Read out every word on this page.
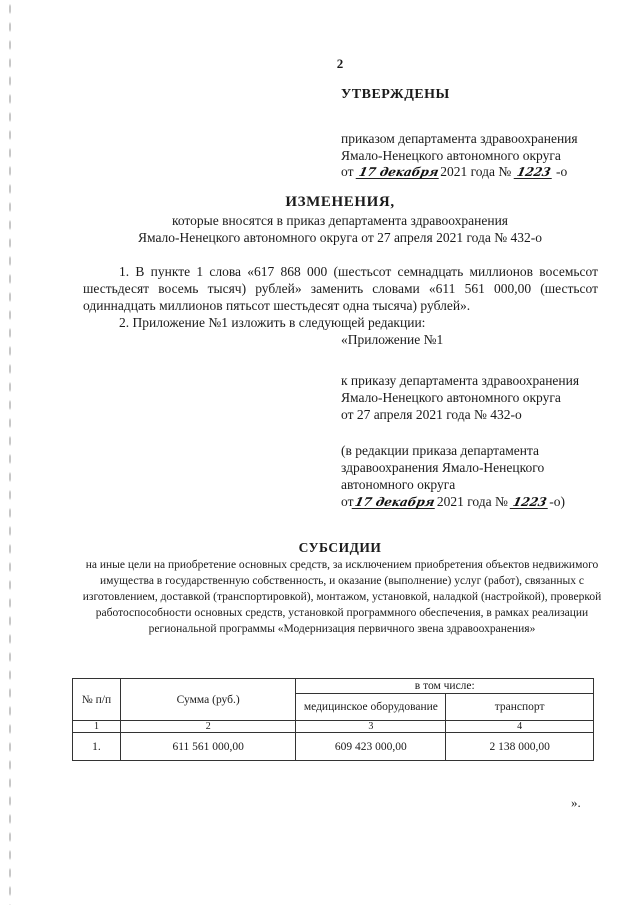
2
УТВЕРЖДЕНЫ
приказом департамента здравоохранения
Ямало-Ненецкого автономного округа
от 17 декабря2021 года № 1223 -о
ИЗМЕНЕНИЯ,
которые вносятся в приказ департамента здравоохранения
Ямало-Ненецкого автономного округа от 27 апреля 2021 года № 432-о

1. В пункте 1 слова «617 868 000 (шестьсот семнадцать миллионов восемьсот шестьдесят восемь тысяч) рублей» заменить словами «611 561 000,00 (шестьсот одиннадцать миллионов пятьсот шестьдесят одна тысяча) рублей».

2. Приложение №1 изложить в следующей редакции:

«Приложение №1
к приказу департамента здравоохранения
Ямало-Ненецкого автономного округа
от 27 апреля 2021 года № 432-о
(в редакции приказа департамента
здравоохранения Ямало-Ненецкого
автономного округа
от17 декабря2021 года № 1223-о)
СУБСИДИИ
на иные цели на приобретение основных средств, за исключением приобретения объектов недвижимого имущества в государственную собственность, и оказание (выполнение) услуг (работ), связанных с изготовлением, доставкой (транспортировкой), монтажом, установкой, наладкой (настройкой), проверкой работоспособности основных средств, установкой программного обеспечения, в рамках реализации региональной программы «Модернизация первичного звена здравоохранения»
№ п/п	Сумма (руб.)	в том числе:	
		медицинское оборудование	транспорт
1	2	3	4
1.	611 561 000,00	609 423 000,00	2 138 000,00
».
